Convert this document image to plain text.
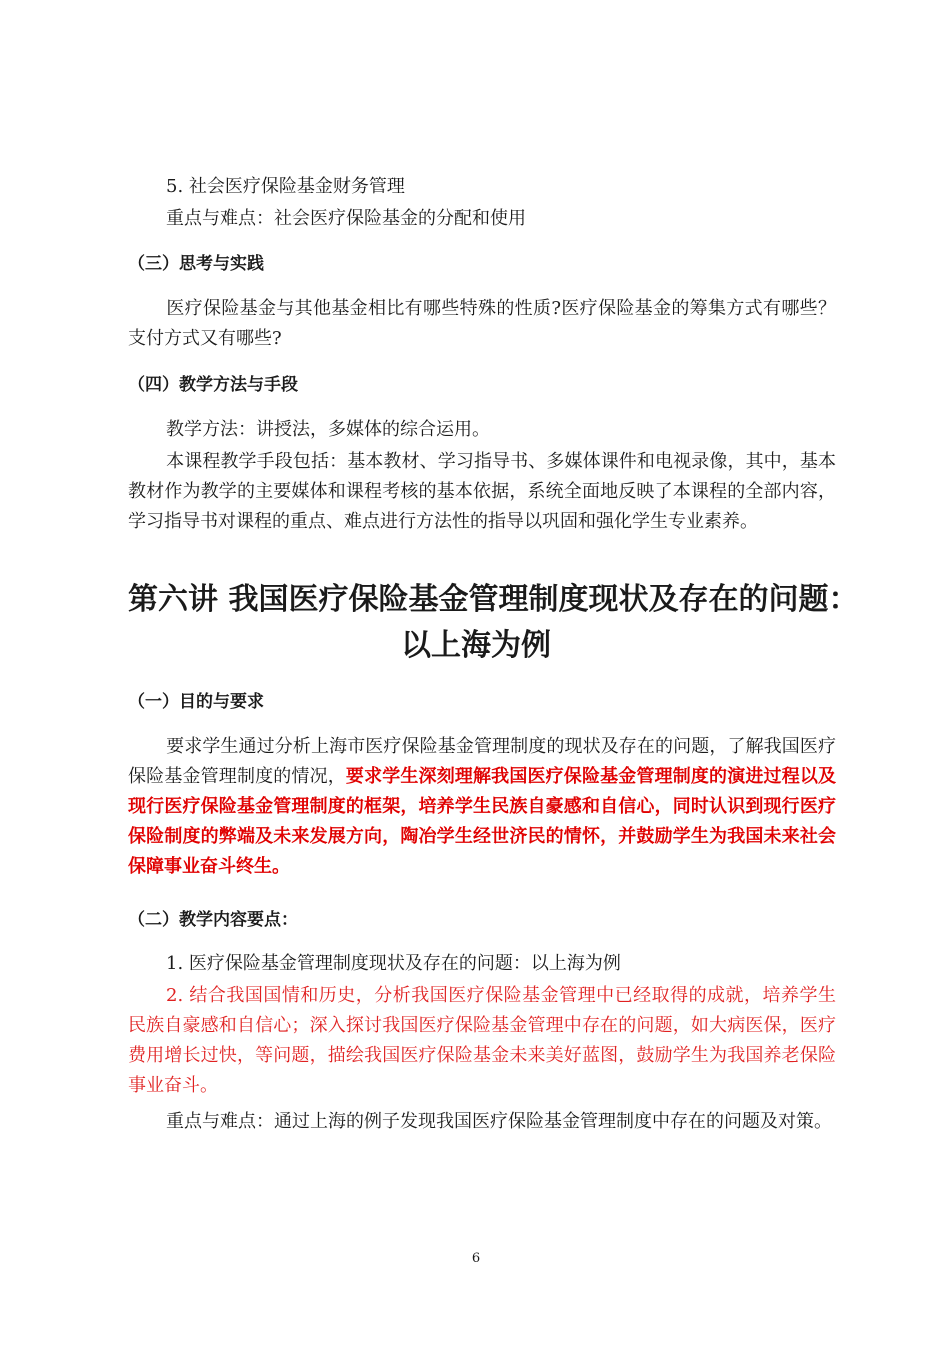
5. 社会医疗保险基金财务管理
重点与难点：社会医疗保险基金的分配和使用
（三）思考与实践
医疗保险基金与其他基金相比有哪些特殊的性质?医疗保险基金的筹集方式有哪些？支付方式又有哪些?
（四）教学方法与手段
教学方法：讲授法，多媒体的综合运用。
本课程教学手段包括：基本教材、学习指导书、多媒体课件和电视录像，其中，基本教材作为教学的主要媒体和课程考核的基本依据，系统全面地反映了本课程的全部内容，学习指导书对课程的重点、难点进行方法性的指导以巩固和强化学生专业素养。
第六讲 我国医疗保险基金管理制度现状及存在的问题：
以上海为例
（一）目的与要求
要求学生通过分析上海市医疗保险基金管理制度的现状及存在的问题，了解我国医疗保险基金管理制度的情况，要求学生深刻理解我国医疗保险基金管理制度的演进过程以及现行医疗保险基金管理制度的框架，培养学生民族自豪感和自信心，同时认识到现行医疗保险制度的弊端及未来发展方向，陶冶学生经世济民的情怀，并鼓励学生为我国未来社会保障事业奋斗终生。
（二）教学内容要点：
1. 医疗保险基金管理制度现状及存在的问题：以上海为例
2. 结合我国国情和历史，分析我国医疗保险基金管理中已经取得的成就，培养学生民族自豪感和自信心；深入探讨我国医疗保险基金管理中存在的问题，如大病医保，医疗费用增长过快，等问题，描绘我国医疗保险基金未来美好蓝图，鼓励学生为我国养老保险事业奋斗。
重点与难点：通过上海的例子发现我国医疗保险基金管理制度中存在的问题及对策。
6
